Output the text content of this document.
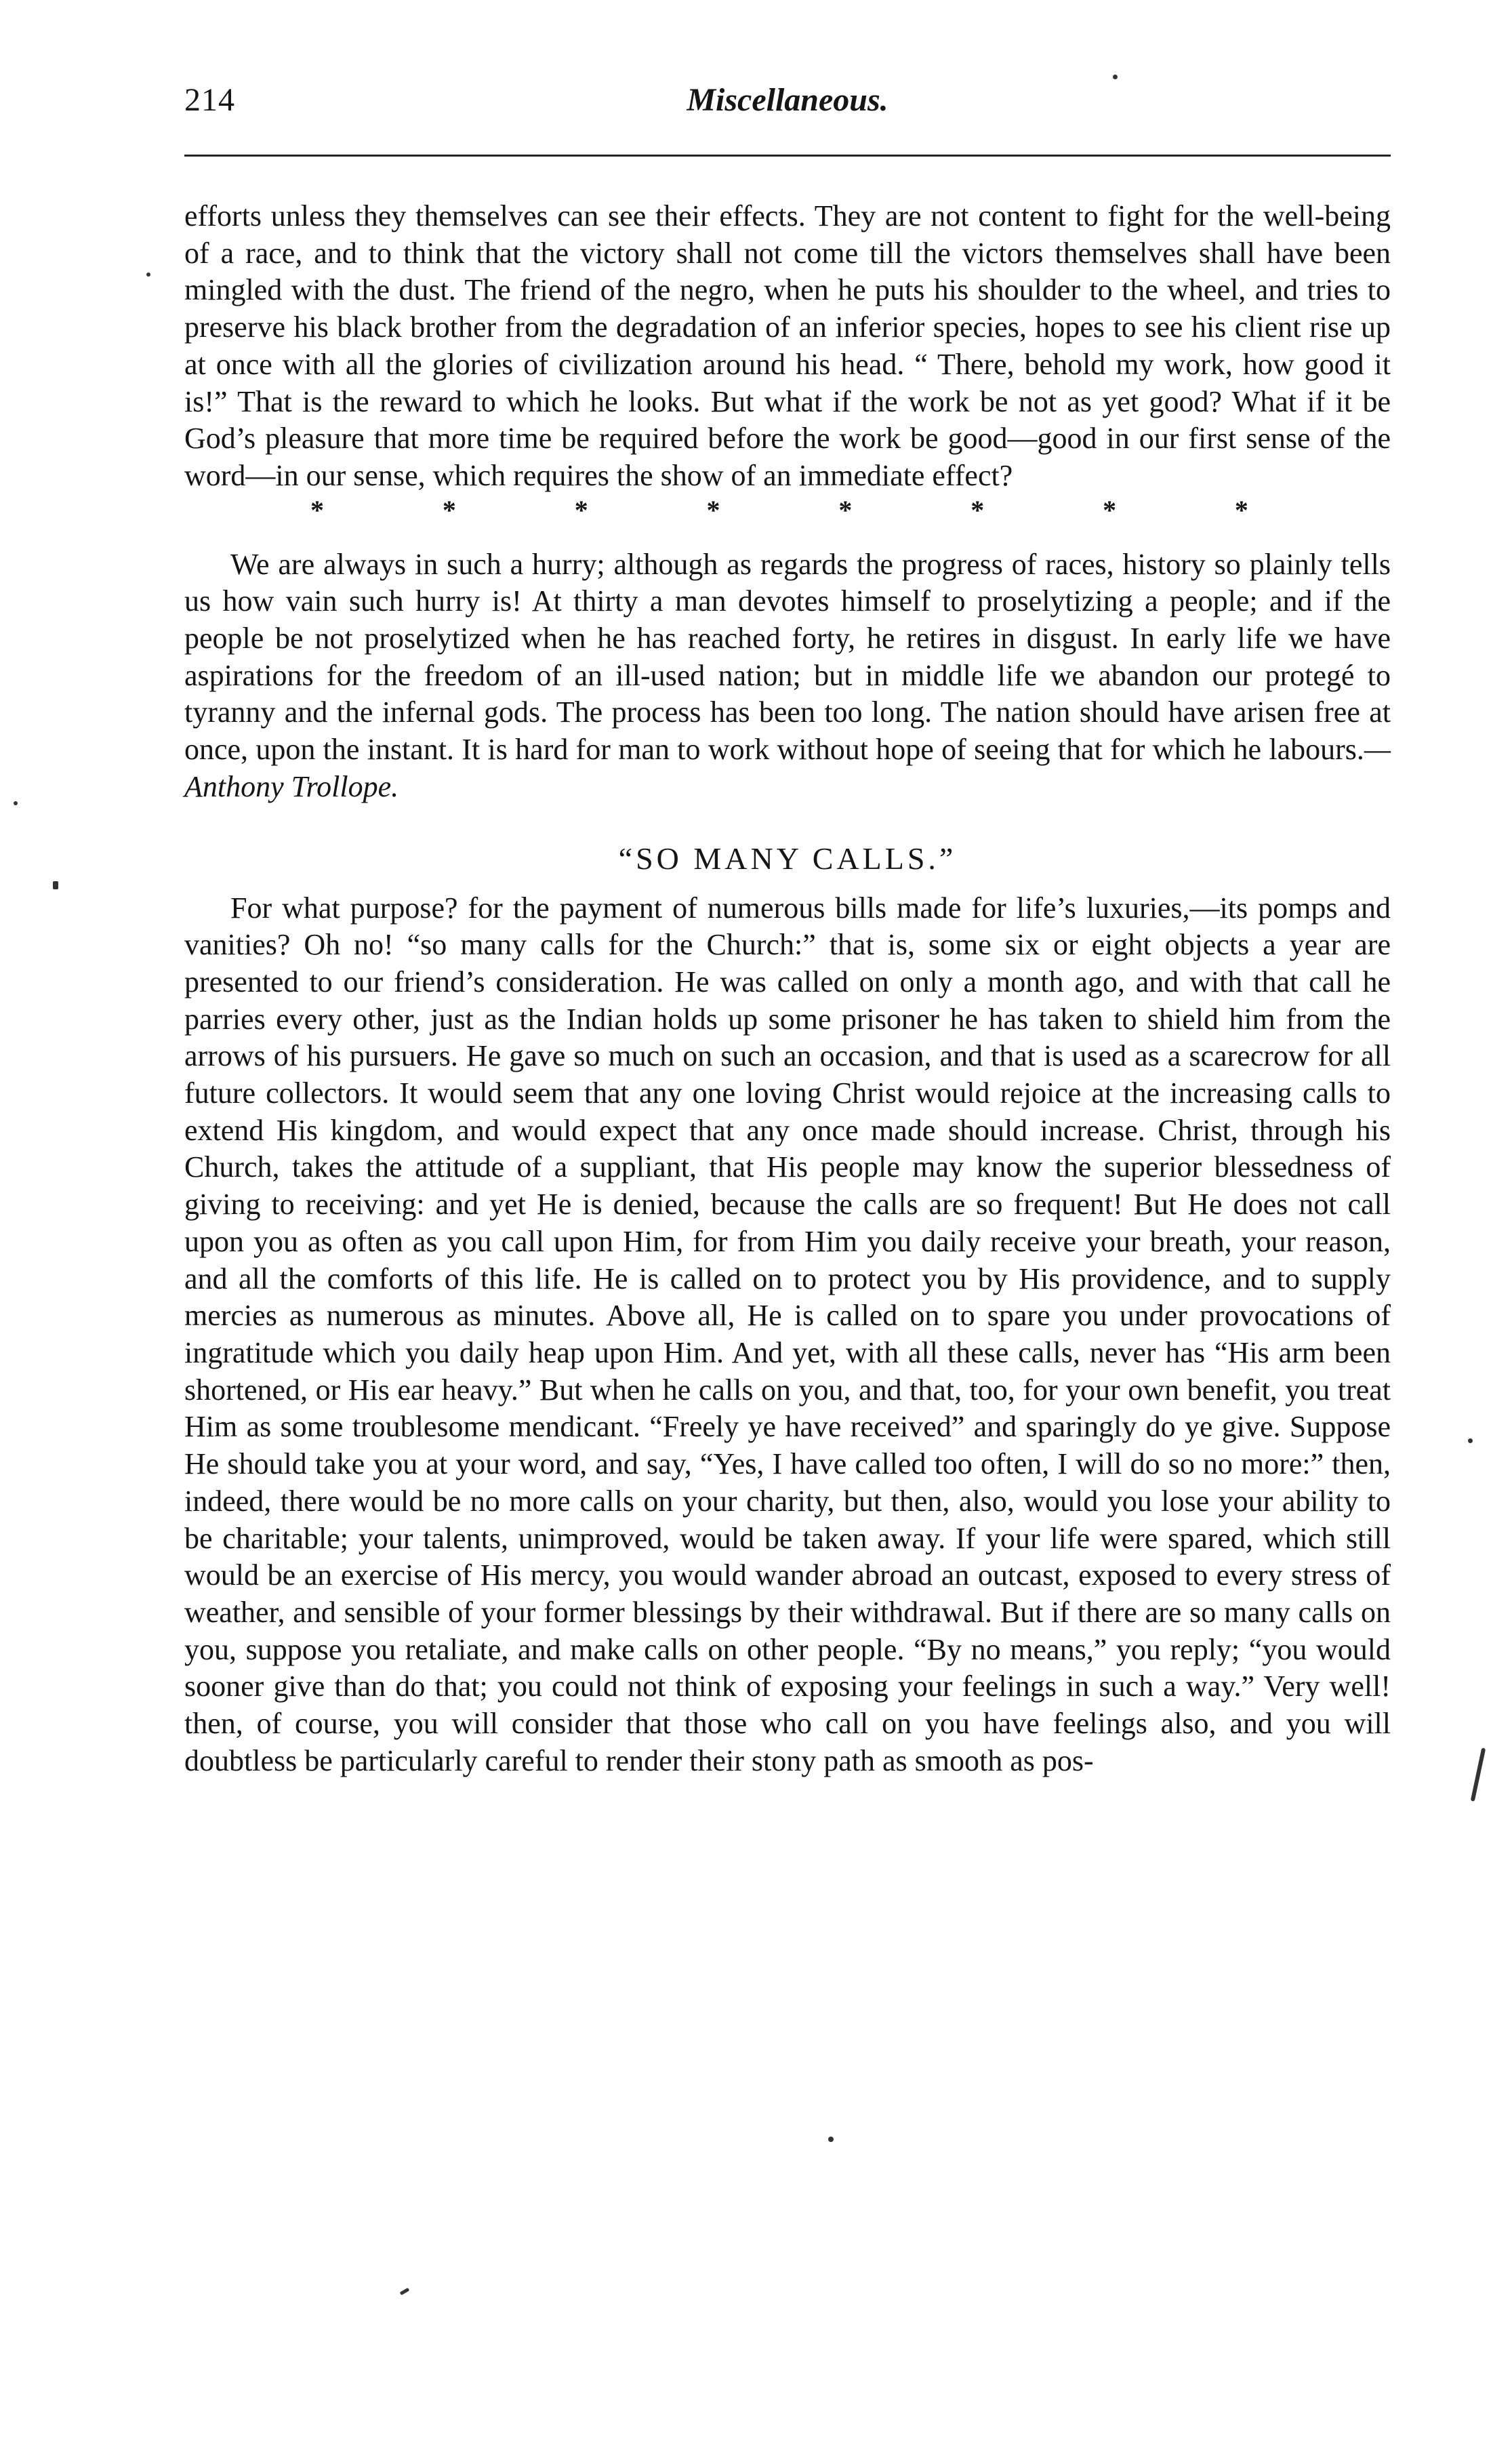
214	Miscellaneous.

efforts unless they themselves can see their effects. They are not content to fight for the well-being of a race, and to think that the victory shall not come till the victors themselves shall have been mingled with the dust. The friend of the negro, when he puts his shoulder to the wheel, and tries to preserve his black brother from the degradation of an inferior species, hopes to see his client rise up at once with all the glories of civilization around his head. “ There, behold my work, how good it is!” That is the reward to which he looks. But what if the work be not as yet good? What if it be God’s pleasure that more time be required before the work be good—good in our first sense of the word—in our sense, which requires the show of an immediate effect?

*	*	*	*	*	*	*	*

We are always in such a hurry; although as regards the progress of races, history so plainly tells us how vain such hurry is! At thirty a man devotes himself to proselytizing a people; and if the people be not proselytized when he has reached forty, he retires in disgust. In early life we have aspirations for the freedom of an ill-used nation; but in middle life we abandon our protegé to tyranny and the infernal gods. The process has been too long. The nation should have arisen free at once, upon the instant. It is hard for man to work without hope of seeing that for which he labours.—Anthony Trollope.

“SO MANY CALLS.”

For what purpose? for the payment of numerous bills made for life’s luxuries,—its pomps and vanities? Oh no! “so many calls for the Church:” that is, some six or eight objects a year are presented to our friend’s consideration. He was called on only a month ago, and with that call he parries every other, just as the Indian holds up some prisoner he has taken to shield him from the arrows of his pursuers. He gave so much on such an occasion, and that is used as a scarecrow for all future collectors. It would seem that any one loving Christ would rejoice at the increasing calls to extend His kingdom, and would expect that any once made should increase. Christ, through his Church, takes the attitude of a suppliant, that His people may know the superior blessedness of giving to receiving: and yet He is denied, because the calls are so frequent! But He does not call upon you as often as you call upon Him, for from Him you daily receive your breath, your reason, and all the comforts of this life. He is called on to protect you by His providence, and to supply mercies as numerous as minutes. Above all, He is called on to spare you under provocations of ingratitude which you daily heap upon Him. And yet, with all these calls, never has “His arm been shortened, or His ear heavy.” But when he calls on you, and that, too, for your own benefit, you treat Him as some troublesome mendicant. “Freely ye have received” and sparingly do ye give. Suppose He should take you at your word, and say, “Yes, I have called too often, I will do so no more:” then, indeed, there would be no more calls on your charity, but then, also, would you lose your ability to be charitable; your talents, unimproved, would be taken away. If your life were spared, which still would be an exercise of His mercy, you would wander abroad an outcast, exposed to every stress of weather, and sensible of your former blessings by their withdrawal. But if there are so many calls on you, suppose you retaliate, and make calls on other people. “By no means,” you reply; “you would sooner give than do that; you could not think of exposing your feelings in such a way.” Very well! then, of course, you will consider that those who call on you have feelings also, and you will doubtless be particularly careful to render their stony path as smooth as pos-
